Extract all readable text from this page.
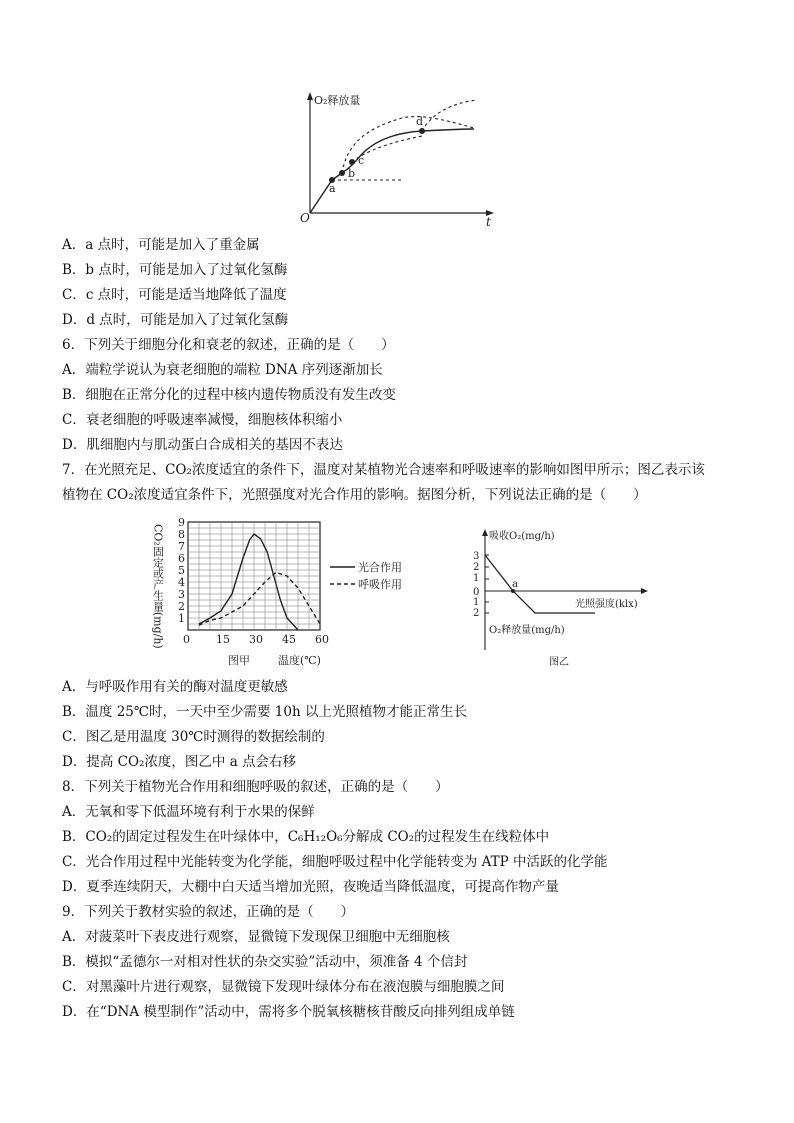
O₂释放量
t
O
a
b
c
d
A．a 点时，可能是加入了重金属
B．b 点时，可能是加入了过氧化氢酶
C．c 点时，可能是适当地降低了温度
D．d 点时，可能是加入了过氧化氢酶
6．下列关于细胞分化和衰老的叙述，正确的是（　　）
A．端粒学说认为衰老细胞的端粒 DNA 序列逐渐加长
B．细胞在正常分化的过程中核内遗传物质没有发生改变
C．衰老细胞的呼吸速率减慢，细胞核体积缩小
D．肌细胞内与肌动蛋白合成相关的基因不表达
7．在光照充足、CO₂浓度适宜的条件下，温度对某植物光合速率和呼吸速率的影响如图甲所示；图乙表示该
植物在 CO₂浓度适宜条件下，光照强度对光合作用的影响。据图分析，下列说法正确的是（　　）
CO₂固定或产生量(mg/h) 0 15 30 45 60
1
2
3
4
5
6
7
8
9
光合作用
呼吸作用
图甲	温度(℃)
吸收O₂(mg/h)
O₂释放量(mg/h)
光照强度(klx)
图乙
3
2
1
0
1
2
a
A．与呼吸作用有关的酶对温度更敏感
B．温度 25℃时，一天中至少需要 10h 以上光照植物才能正常生长
C．图乙是用温度 30℃时测得的数据绘制的
D．提高 CO₂浓度，图乙中 a 点会右移
8．下列关于植物光合作用和细胞呼吸的叙述，正确的是（　　）
A．无氧和零下低温环境有利于水果的保鲜
B．CO₂的固定过程发生在叶绿体中，C₆H₁₂O₆分解成 CO₂的过程发生在线粒体中
C．光合作用过程中光能转变为化学能，细胞呼吸过程中化学能转变为 ATP 中活跃的化学能
D．夏季连续阴天，大棚中白天适当增加光照，夜晚适当降低温度，可提高作物产量
9．下列关于教材实验的叙述，正确的是（　　）
A．对菠菜叶下表皮进行观察，显微镜下发现保卫细胞中无细胞核
B．模拟“孟德尔一对相对性状的杂交实验”活动中，须准备 4 个信封
C．对黑藻叶片进行观察，显微镜下发现叶绿体分布在液泡膜与细胞膜之间
D．在“DNA 模型制作”活动中，需将多个脱氧核糖核苷酸反向排列组成单链
